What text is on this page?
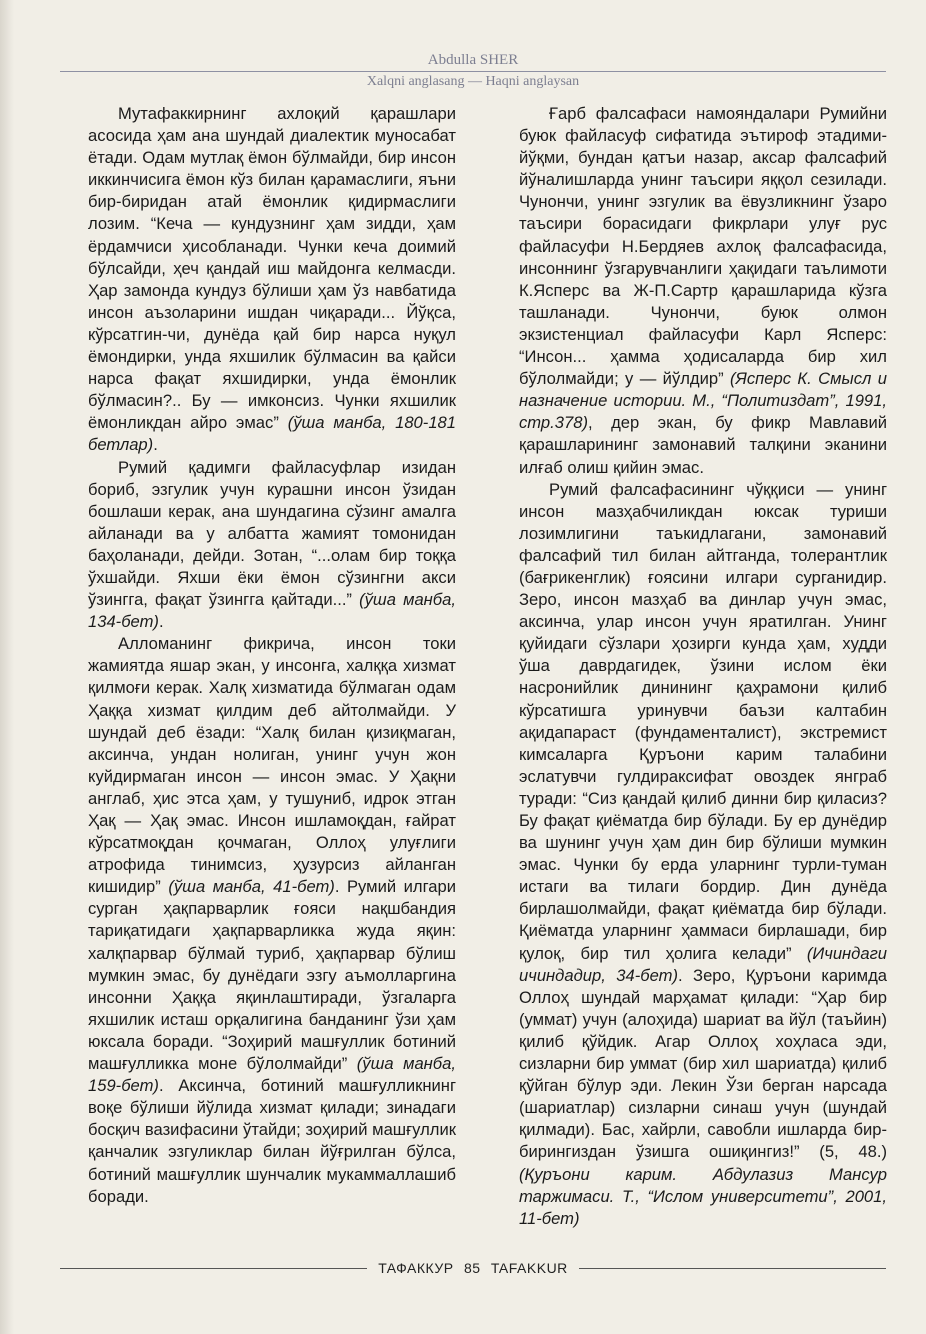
Abdulla SHER
Xalqni anglasang — Haqni anglaysan

Мутафаккирнинг ахлоқий қарашлари асосида ҳам ана шундай диалектик муносабат ётади. Одам мутлақ ёмон бўлмайди, бир инсон иккинчисига ёмон кўз билан қарамаслиги, яъни бир-биридан атай ёмонлик қидирмаслиги лозим. “Кеча — кундузнинг ҳам зидди, ҳам ёрдамчиси ҳисобланади. Чунки кеча доимий бўлсайди, ҳеч қандай иш майдонга келмасди. Ҳар замонда кундуз бўлиши ҳам ўз навбатида инсон аъзоларини ишдан чиқаради... Йўқса, кўрсатгин-чи, дунёда қай бир нарса нуқул ёмондирки, унда яхшилик бўлмасин ва қайси нарса фақат яхшидирки, унда ёмонлик бўлмасин?.. Бу — имконсиз. Чунки яхшилик ёмонликдан айро эмас” (ўша манба, 180-181 бетлар).

Румий қадимги файласуфлар изидан бориб, эзгулик учун курашни инсон ўзидан бошлаши керак, ана шундагина сўзинг амалга айланади ва у албатта жамият томонидан баҳоланади, дейди. Зотан, “...олам бир тоққа ўхшайди. Яхши ёки ёмон сўзингни акси ўзингга, фақат ўзингга қайтади...” (ўша манба, 134-бет).

Алломанинг фикрича, инсон токи жамиятда яшар экан, у инсонга, халққа хизмат қилмоғи керак. Халқ хизматида бўлмаган одам Ҳаққа хизмат қилдим деб айтолмайди. У шундай деб ёзади: “Халқ билан қизиқмаган, аксинча, ундан нолиган, унинг учун жон куйдирмаган инсон — инсон эмас. У Ҳақни англаб, ҳис этса ҳам, у тушуниб, идрок этган Ҳақ — Ҳақ эмас. Инсон ишламоқдан, ғайрат кўрсатмоқдан қочмаган, Оллоҳ улуғлиги атрофида тинимсиз, ҳузурсиз айланган кишидир” (ўша манба, 41-бет). Румий илгари сурган ҳақпарварлик ғояси нақшбандия тариқатидаги ҳақпарварликка жуда яқин: халқпарвар бўлмай туриб, ҳақпарвар бўлиш мумкин эмас, бу дунёдаги эзгу аъмолларгина инсонни Ҳаққа яқинлаштиради, ўзгаларга яхшилик исташ орқалигина банданинг ўзи ҳам юксала боради. “Зоҳирий машғуллик ботиний машғулликка моне бўлолмайди” (ўша манба, 159-бет). Аксинча, ботиний машғулликнинг воқе бўлиши йўлида хизмат қилади; зинадаги босқич вазифасини ўтайди; зоҳирий машғуллик қанчалик эзгуликлар билан йўғрилган бўлса, ботиний машғуллик шунчалик мукаммаллашиб боради.

Ғарб фалсафаси намояндалари Румийни буюк файласуф сифатида эътироф этадими-йўқми, бундан қатъи назар, аксар фалсафий йўналишларда унинг таъсири яққол сезилади. Чунончи, унинг эзгулик ва ёвузликнинг ўзаро таъсири борасидаги фикрлари улуғ рус файласуфи Н.Бердяев ахлоқ фалсафасида, инсоннинг ўзгарувчанлиги ҳақидаги таълимоти К.Ясперс ва Ж-П.Сартр қарашларида кўзга ташланади. Чунончи, буюк олмон экзистенциал файласуфи Карл Ясперс: “Инсон... ҳамма ҳодисаларда бир хил бўлолмайди; у — йўлдир” (Ясперс К. Смысл и назначение истории. М., “Политиздат”, 1991, стр.378), дер экан, бу фикр Мавлавий қарашларининг замонавий талқини эканини илғаб олиш қийин эмас.

Румий фалсафасининг чўққиси — унинг инсон мазҳабчиликдан юксак туриши лозимлигини таъкидлагани, замонавий фалсафий тил билан айтганда, толерантлик (бағрикенглик) ғоясини илгари сурганидир. Зеро, инсон мазҳаб ва динлар учун эмас, аксинча, улар инсон учун яратилган. Унинг қуйидаги сўзлари ҳозирги кунда ҳам, худди ўша даврдагидек, ўзини ислом ёки насронийлик динининг қаҳрамони қилиб кўрсатишга уринувчи баъзи калтабин ақидапараст (фундаменталист), экстремист кимсаларга Қуръони карим талабини эслатувчи гулдираксифат овоздек янграб туради: “Сиз қандай қилиб динни бир қиласиз? Бу фақат қиёматда бир бўлади. Бу ер дунёдир ва шунинг учун ҳам дин бир бўлиши мумкин эмас. Чунки бу ерда уларнинг турли-туман истаги ва тилаги бордир. Дин дунёда бирлашолмайди, фақат қиёматда бир бўлади. Қиёматда уларнинг ҳаммаси бирлашади, бир қулоқ, бир тил ҳолига келади” (Ичиндаги ичиндадир, 34-бет). Зеро, Қуръони каримда Оллоҳ шундай марҳамат қилади: “Ҳар бир (уммат) учун (алоҳида) шариат ва йўл (таъйин) қилиб қўйдик. Агар Оллоҳ хоҳласа эди, сизларни бир уммат (бир хил шариатда) қилиб қўйган бўлур эди. Лекин Ўзи берган нарсада (шариатлар) сизларни синаш учун (шундай қилмади). Бас, хайрли, савобли ишларда бир-бирингиздан ўзишга ошиқингиз!” (5, 48.) (Қуръони карим. Абдулазиз Мансур таржимаси. Т., “Ислом университети”, 2001, 11-бет)

ТАФАККУР 85 TAFAKKUR
